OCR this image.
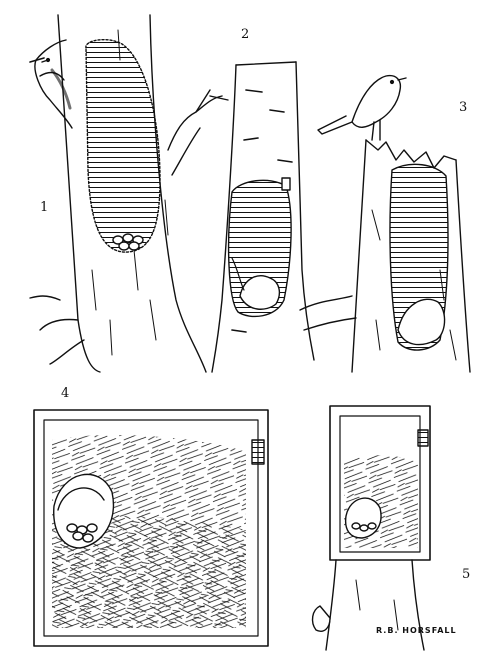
1
2
3
4
5
R.B. HORSFALL
